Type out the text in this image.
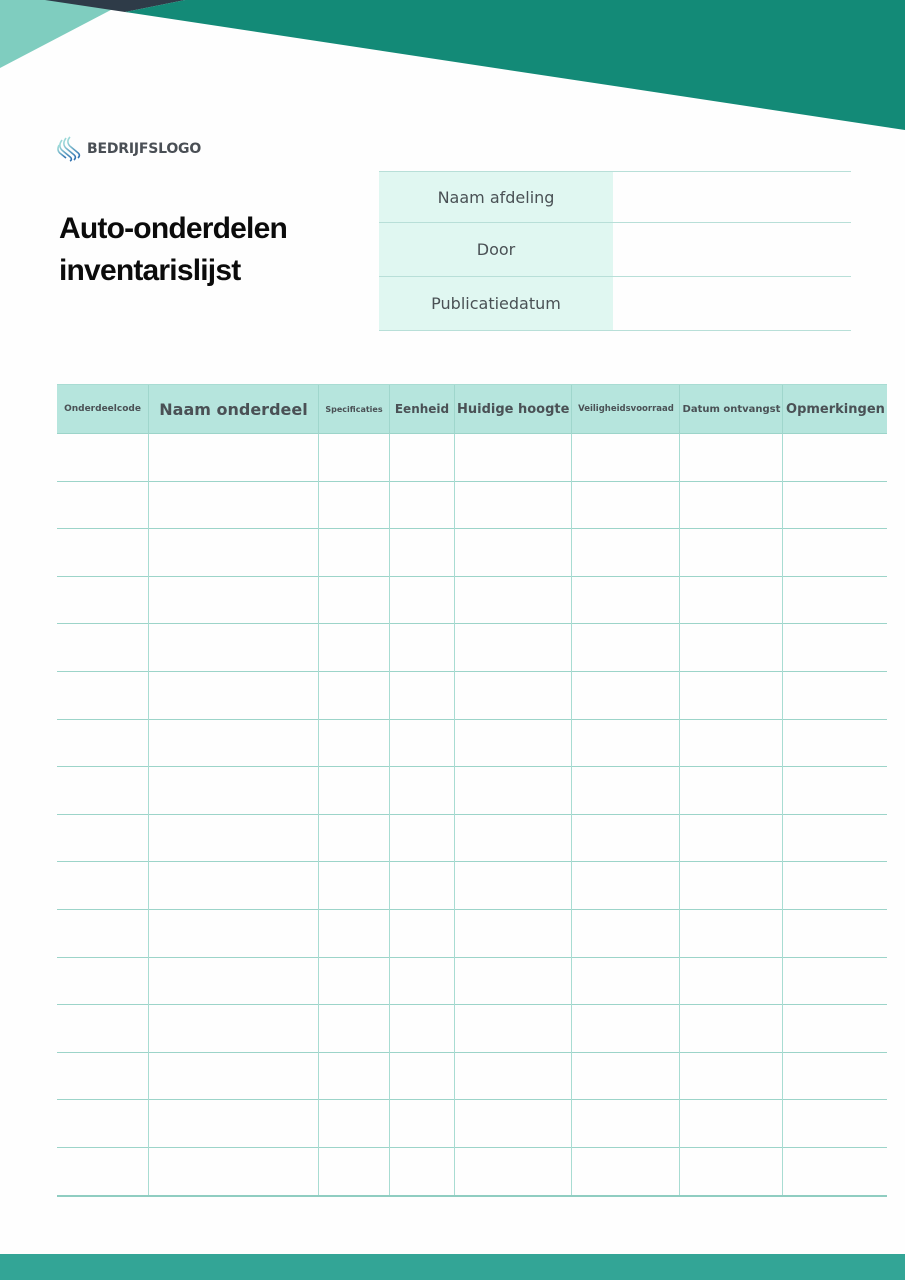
BEDRIJFSLOGO
Auto-onderdelen
inventarislijst
Naam afdeling	
Door	
Publicatiedatum	
Onderdeelcode	Naam onderdeel	Specificaties	Eenheid	Huidige hoogte	Veiligheidsvoorraad	Datum ontvangst	Opmerkingen
